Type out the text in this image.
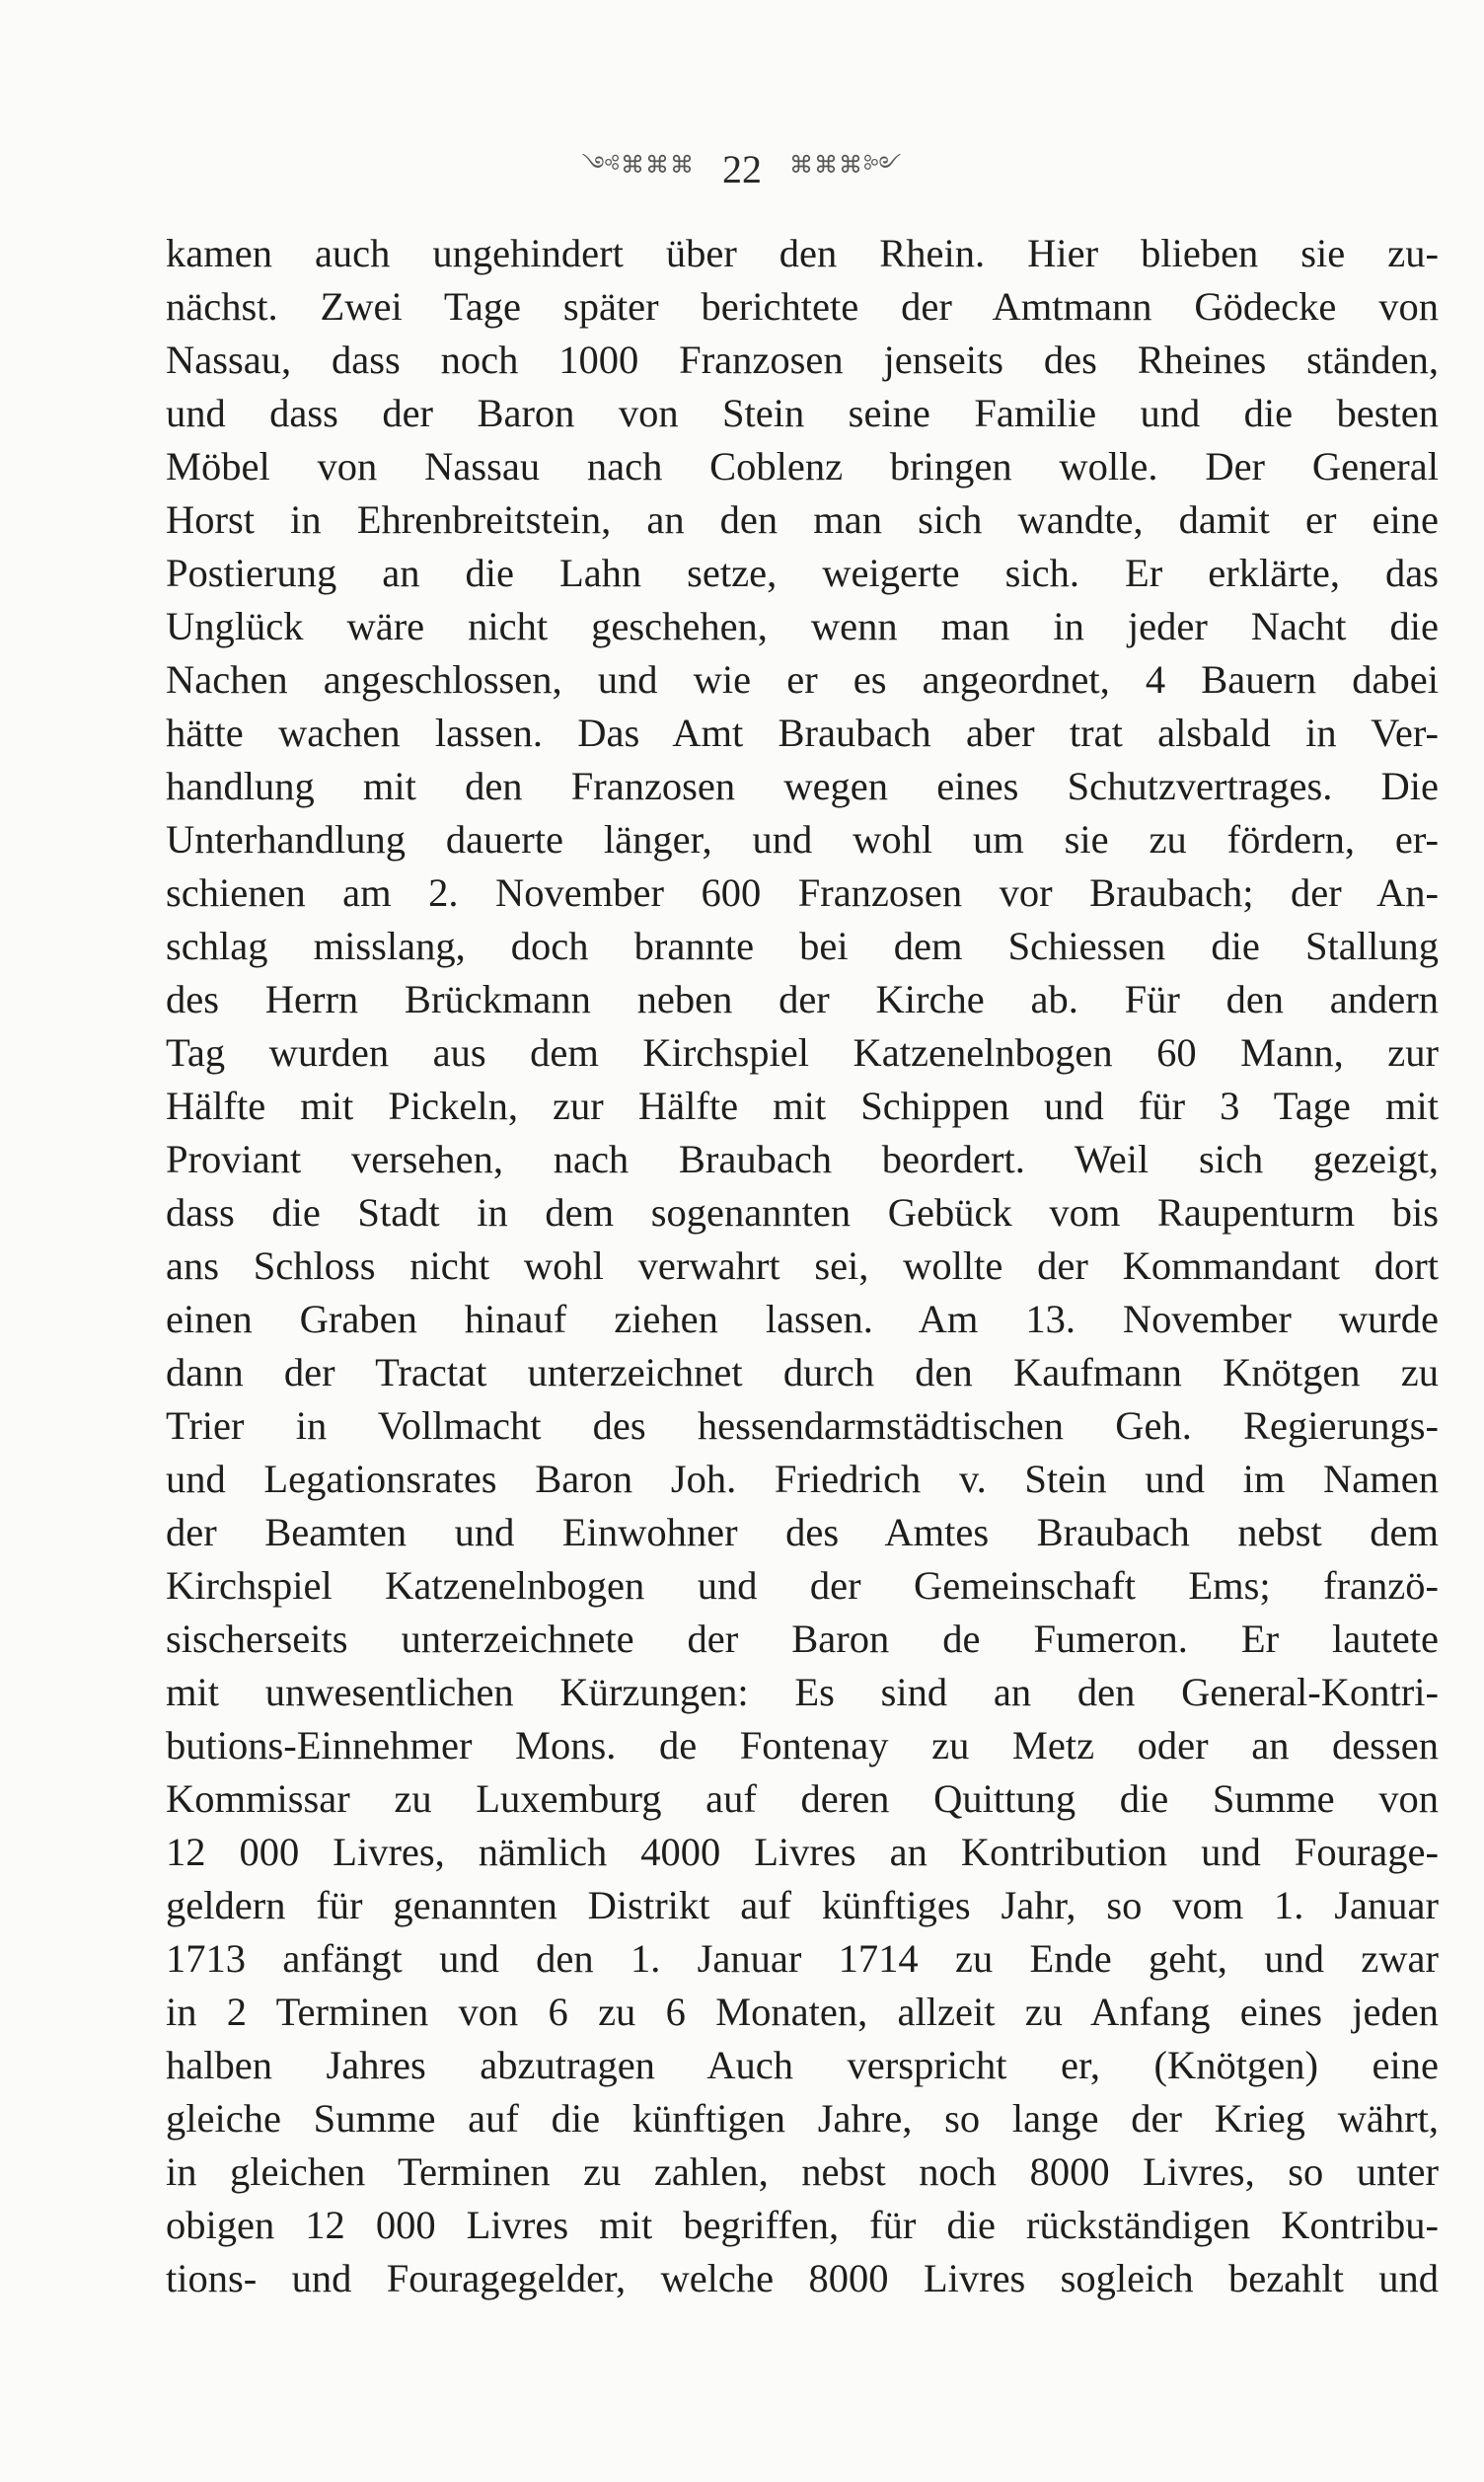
༺⌘⌘⌘ 22 ⌘⌘⌘༻
kamen auch ungehindert über den Rhein. Hier blieben sie zu-
nächst. Zwei Tage später berichtete der Amtmann Gödecke von
Nassau, dass noch 1000 Franzosen jenseits des Rheines ständen,
und dass der Baron von Stein seine Familie und die besten
Möbel von Nassau nach Coblenz bringen wolle. Der General
Horst in Ehrenbreitstein, an den man sich wandte, damit er eine
Postierung an die Lahn setze, weigerte sich. Er erklärte, das
Unglück wäre nicht geschehen, wenn man in jeder Nacht die
Nachen angeschlossen, und wie er es angeordnet, 4 Bauern dabei
hätte wachen lassen. Das Amt Braubach aber trat alsbald in Ver-
handlung mit den Franzosen wegen eines Schutzvertrages. Die
Unterhandlung dauerte länger, und wohl um sie zu fördern, er-
schienen am 2. November 600 Franzosen vor Braubach; der An-
schlag misslang, doch brannte bei dem Schiessen die Stallung
des Herrn Brückmann neben der Kirche ab. Für den andern
Tag wurden aus dem Kirchspiel Katzenelnbogen 60 Mann, zur
Hälfte mit Pickeln, zur Hälfte mit Schippen und für 3 Tage mit
Proviant versehen, nach Braubach beordert. Weil sich gezeigt,
dass die Stadt in dem sogenannten Gebück vom Raupenturm bis
ans Schloss nicht wohl verwahrt sei, wollte der Kommandant dort
einen Graben hinauf ziehen lassen. Am 13. November wurde
dann der Tractat unterzeichnet durch den Kaufmann Knötgen zu
Trier in Vollmacht des hessendarmstädtischen Geh. Regierungs-
und Legationsrates Baron Joh. Friedrich v. Stein und im Namen
der Beamten und Einwohner des Amtes Braubach nebst dem
Kirchspiel Katzenelnbogen und der Gemeinschaft Ems; franzö-
sischerseits unterzeichnete der Baron de Fumeron. Er lautete
mit unwesentlichen Kürzungen: Es sind an den General-Kontri-
butions-Einnehmer Mons. de Fontenay zu Metz oder an dessen
Kommissar zu Luxemburg auf deren Quittung die Summe von
12 000 Livres, nämlich 4000 Livres an Kontribution und Fourage-
geldern für genannten Distrikt auf künftiges Jahr, so vom 1. Januar
1713 anfängt und den 1. Januar 1714 zu Ende geht, und zwar
in 2 Terminen von 6 zu 6 Monaten, allzeit zu Anfang eines jeden
halben Jahres abzutragen Auch verspricht er, (Knötgen) eine
gleiche Summe auf die künftigen Jahre, so lange der Krieg währt,
in gleichen Terminen zu zahlen, nebst noch 8000 Livres, so unter
obigen 12 000 Livres mit begriffen, für die rückständigen Kontribu-
tions- und Fouragegelder, welche 8000 Livres sogleich bezahlt und
